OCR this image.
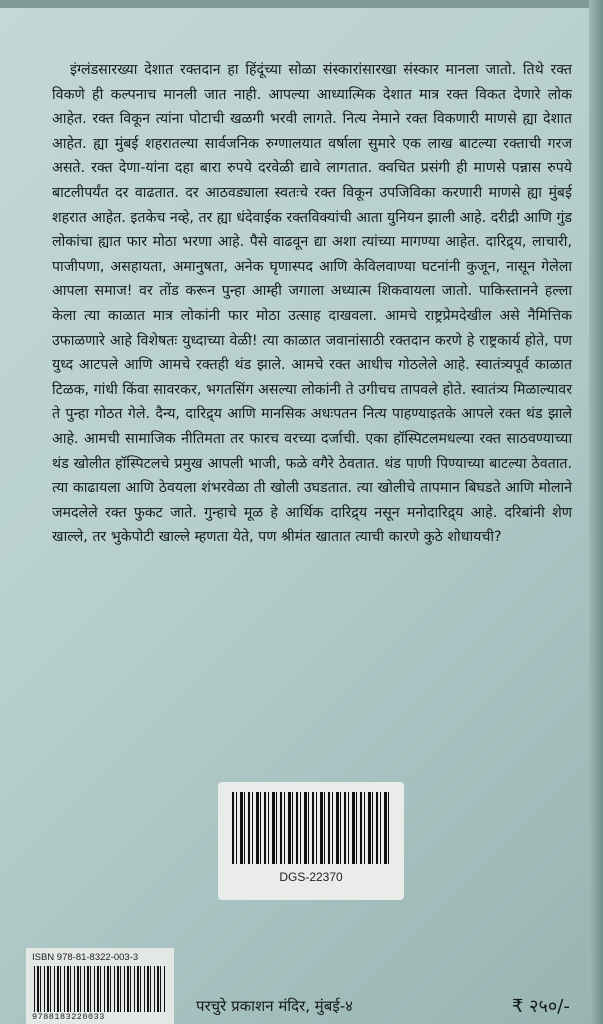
इंग्लंडसारख्या देशात रक्तदान हा हिंदूंच्या सोळा संस्कारांसारखा संस्कार मानला जातो. तिथे रक्त विकणे ही कल्पनाच मानली जात नाही. आपल्या आध्यात्मिक देशात मात्र रक्त विकत देणारे लोक आहेत. रक्त विकून त्यांना पोटाची खळगी भरवी लागते. नित्य नेमाने रक्त विकणारी माणसे ह्या देशात आहेत. ह्या मुंबई शहरातल्या सार्वजनिक रुग्णालयात वर्षाला सुमारे एक लाख बाटल्या रक्ताची गरज असते. रक्त देणा-यांना दहा बारा रुपये दरवेळी द्यावे लागतात. क्वचित प्रसंगी ही माणसे पन्नास रुपये बाटलीपर्यंत दर वाढतात. दर आठवड्याला स्वतःचे रक्त विकून उपजिविका करणारी माणसे ह्या मुंबई शहरात आहेत. इतकेच नव्हे, तर ह्या धंदेवाईक रक्तविक्यांची आता युनियन झाली आहे. दरीद्री आणि गुंड लोकांचा ह्यात फार मोठा भरणा आहे. पैसे वाढवून द्या अशा त्यांच्या मागण्या आहेत. दारिद्र्य, लाचारी, पाजीपणा, असहायता, अमानुषता, अनेक घृणास्पद आणि केविलवाण्या घटनांनी कुजून, नासून गेलेला आपला समाज! वर तोंड करून पुन्हा आम्ही जगाला अध्यात्म शिकवायला जातो. पाकिस्तानने हल्ला केला त्या काळात मात्र लोकांनी फार मोठा उत्साह दाखवला. आमचे राष्ट्रप्रेमदेखील असे नैमित्तिक उफाळणारे आहे विशेषतः युध्दाच्या वेळी! त्या काळात जवानांसाठी रक्तदान करणे हे राष्ट्रकार्य होते, पण युध्द आटपले आणि आमचे रक्तही थंड झाले. आमचे रक्त आधीच गोठलेले आहे. स्वातंत्र्यपूर्व काळात टिळक, गांधी किंवा सावरकर, भगतसिंग असल्या लोकांनी ते उगीचच तापवले होते. स्वातंत्र्य मिळाल्यावर ते पुन्हा गोठत गेले. दैन्य, दारिद्र्य आणि मानसिक अधःपतन नित्य पाहण्याइतके आपले रक्त थंड झाले आहे. आमची सामाजिक नीतिमता तर फारच वरच्या दर्जाची. एका हॉस्पिटलमधल्या रक्त साठवण्याच्या थंड खोलीत हॉस्पिटलचे प्रमुख आपली भाजी, फळे वगैरे ठेवतात. थंड पाणी पिण्याच्या बाटल्या ठेवतात. त्या काढायला आणि ठेवयला शंभरवेळा ती खोली उघडतात. त्या खोलीचे तापमान बिघडते आणि मोलाने जमदलेले रक्त फुकट जाते. गुन्हाचे मूळ हे आर्थिक दारिद्र्य नसून मनोदारिद्र्य आहे. दरिबांनी शेण खाल्ले, तर भुकेपोटी खाल्ले म्हणता येते, पण श्रीमंत खातात त्याची कारणे कुठे शोधायची?

DGS-22370
ISBN 978-81-8322-003-3
9788183220033
परचुरे प्रकाशन मंदिर, मुंबई-४	₹ २५०/-
